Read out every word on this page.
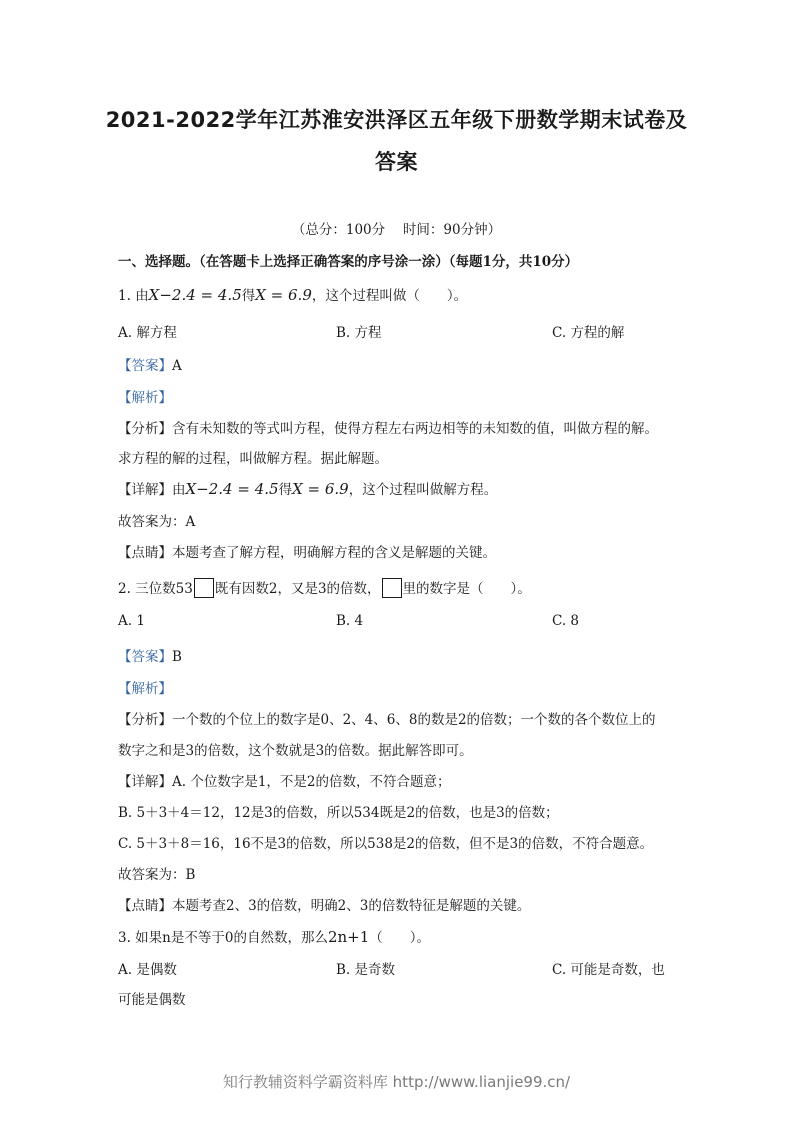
2021-2022学年江苏淮安洪泽区五年级下册数学期末试卷及
答案
（总分：100分　 时间：90分钟）
一、选择题。（在答题卡上选择正确答案的序号涂一涂）（每题1分，共10分）
1. 由X−2.4 = 4.5得X = 6.9，这个过程叫做（　　）。
A. 解方程	B. 方程	C. 方程的解
【答案】A
【解析】
【分析】含有未知数的等式叫方程，使得方程左右两边相等的未知数的值，叫做方程的解。
求方程的解的过程，叫做解方程。据此解题。
【详解】由X−2.4 = 4.5得X = 6.9，这个过程叫做解方程。
故答案为：A
【点睛】本题考查了解方程，明确解方程的含义是解题的关键。
2. 三位数53 既有因数2，又是3的倍数， 里的数字是（　　）。
A. 1	B. 4	C. 8
【答案】B
【解析】
【分析】一个数的个位上的数字是0、2、4、6、8的数是2的倍数；一个数的各个数位上的
数字之和是3的倍数，这个数就是3的倍数。据此解答即可。
【详解】A. 个位数字是1，不是2的倍数，不符合题意；
B. 5＋3＋4＝12，12是3的倍数，所以534既是2的倍数，也是3的倍数；
C. 5＋3＋8＝16，16不是3的倍数，所以538是2的倍数，但不是3的倍数，不符合题意。
故答案为：B
【点睛】本题考查2、3的倍数，明确2、3的倍数特征是解题的关键。
3. 如果n是不等于0的自然数，那么2n+1（　　）。
A. 是偶数	B. 是奇数	C. 可能是奇数，也
可能是偶数
知行教辅资料学霸资料库 http://www.lianjie99.cn/
